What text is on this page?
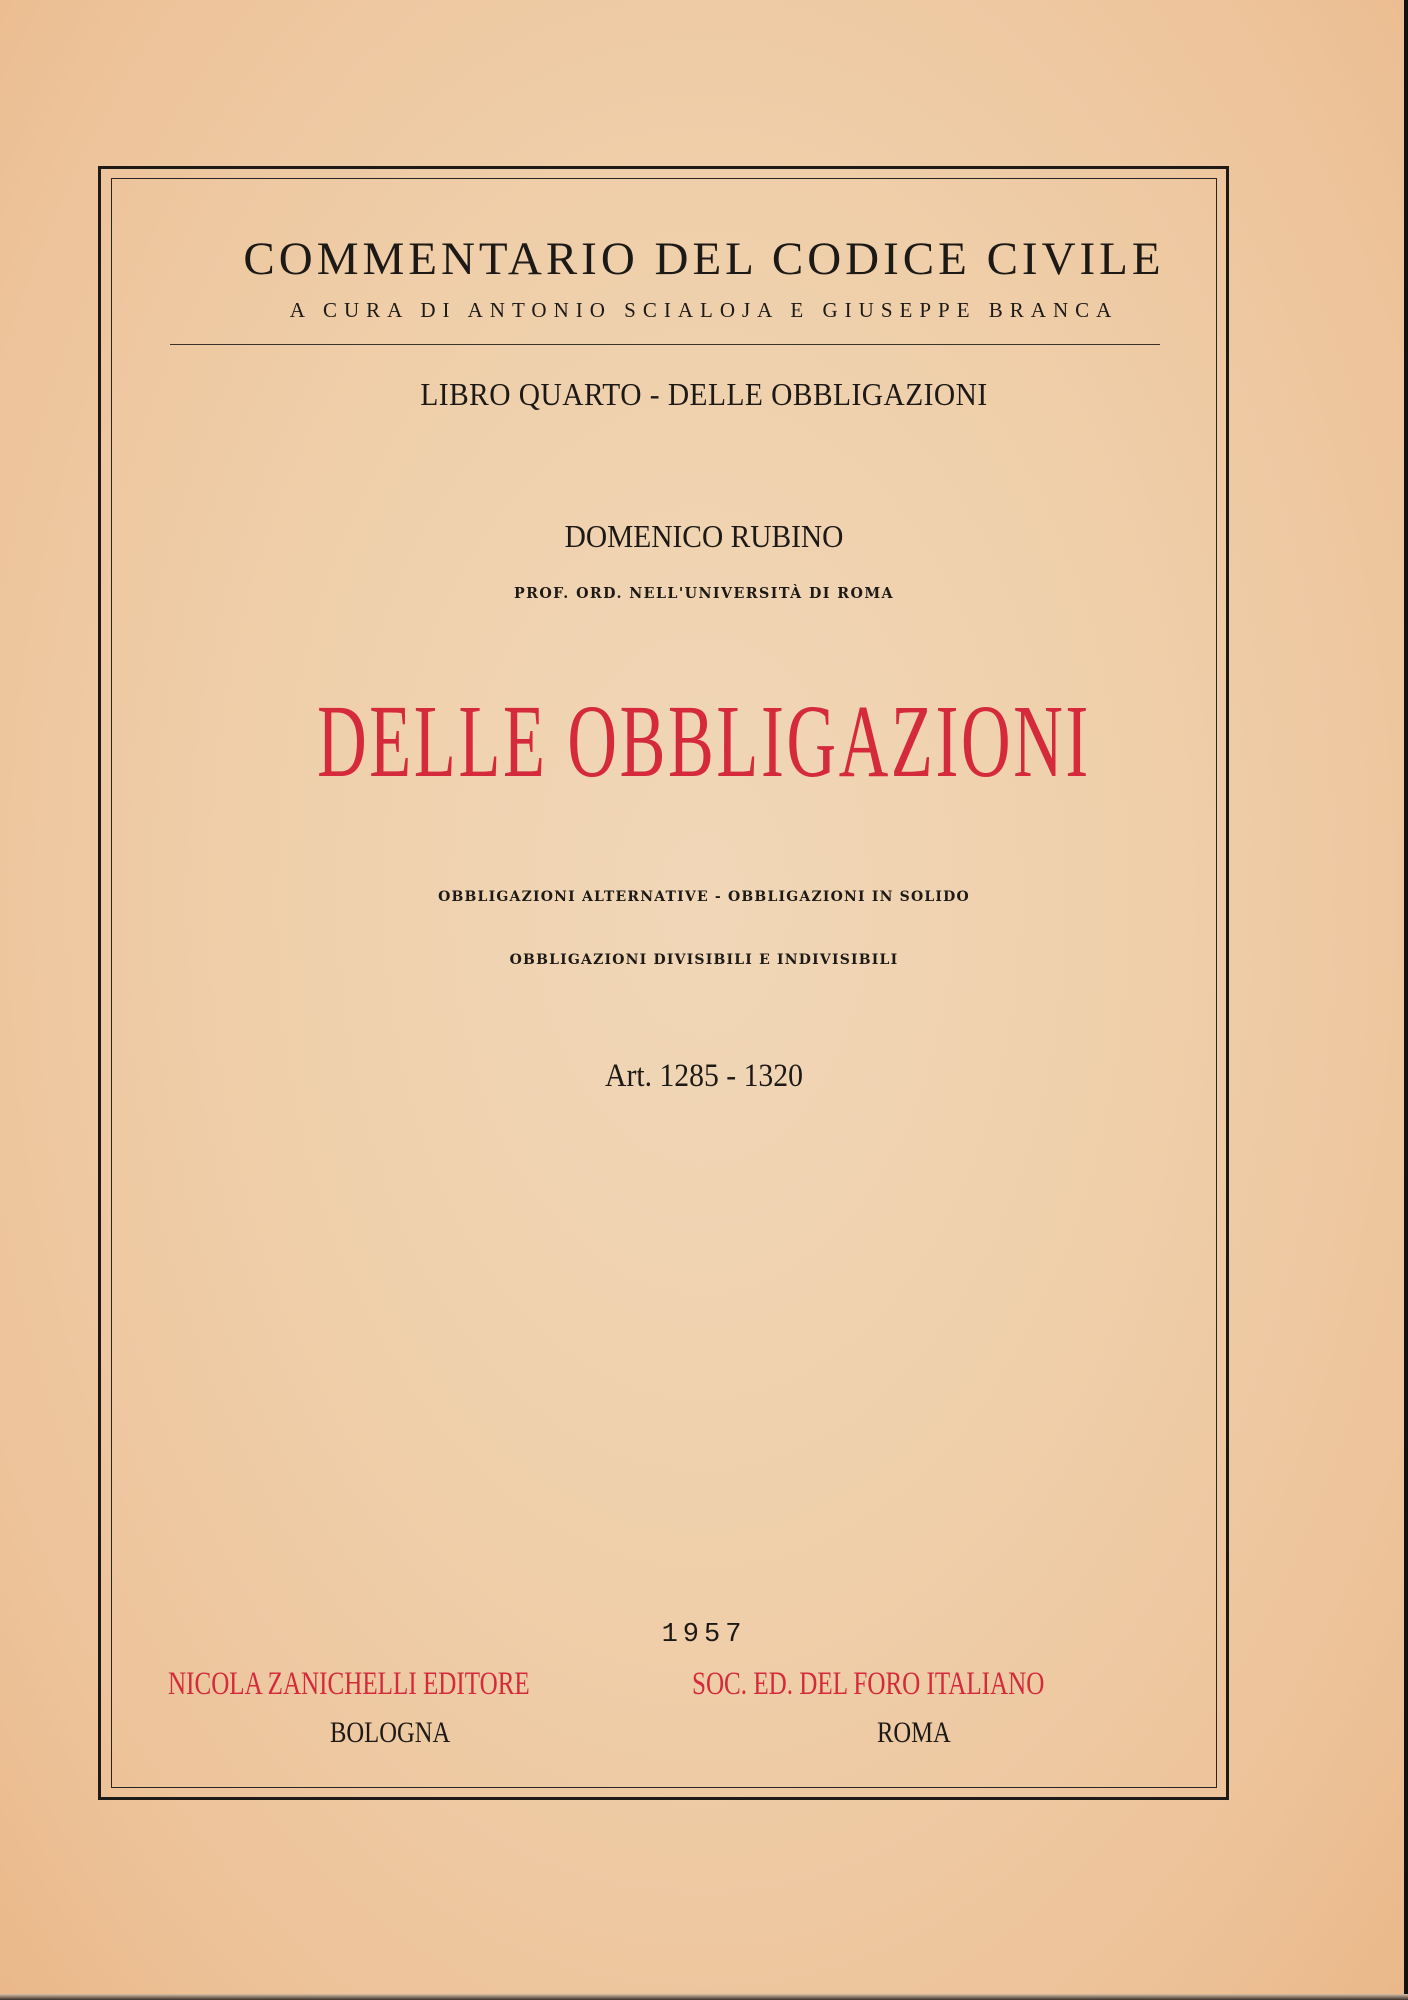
COMMENTARIO DEL CODICE CIVILE
A CURA DI ANTONIO SCIALOJA E GIUSEPPE BRANCA
LIBRO QUARTO - DELLE OBBLIGAZIONI
DOMENICO RUBINO
PROF. ORD. NELL'UNIVERSITÀ DI ROMA
DELLE OBBLIGAZIONI
OBBLIGAZIONI ALTERNATIVE - OBBLIGAZIONI IN SOLIDO
OBBLIGAZIONI DIVISIBILI E INDIVISIBILI
Art. 1285 - 1320
1957
NICOLA ZANICHELLI EDITORE	SOC. ED. DEL FORO ITALIANO
BOLOGNA	ROMA
